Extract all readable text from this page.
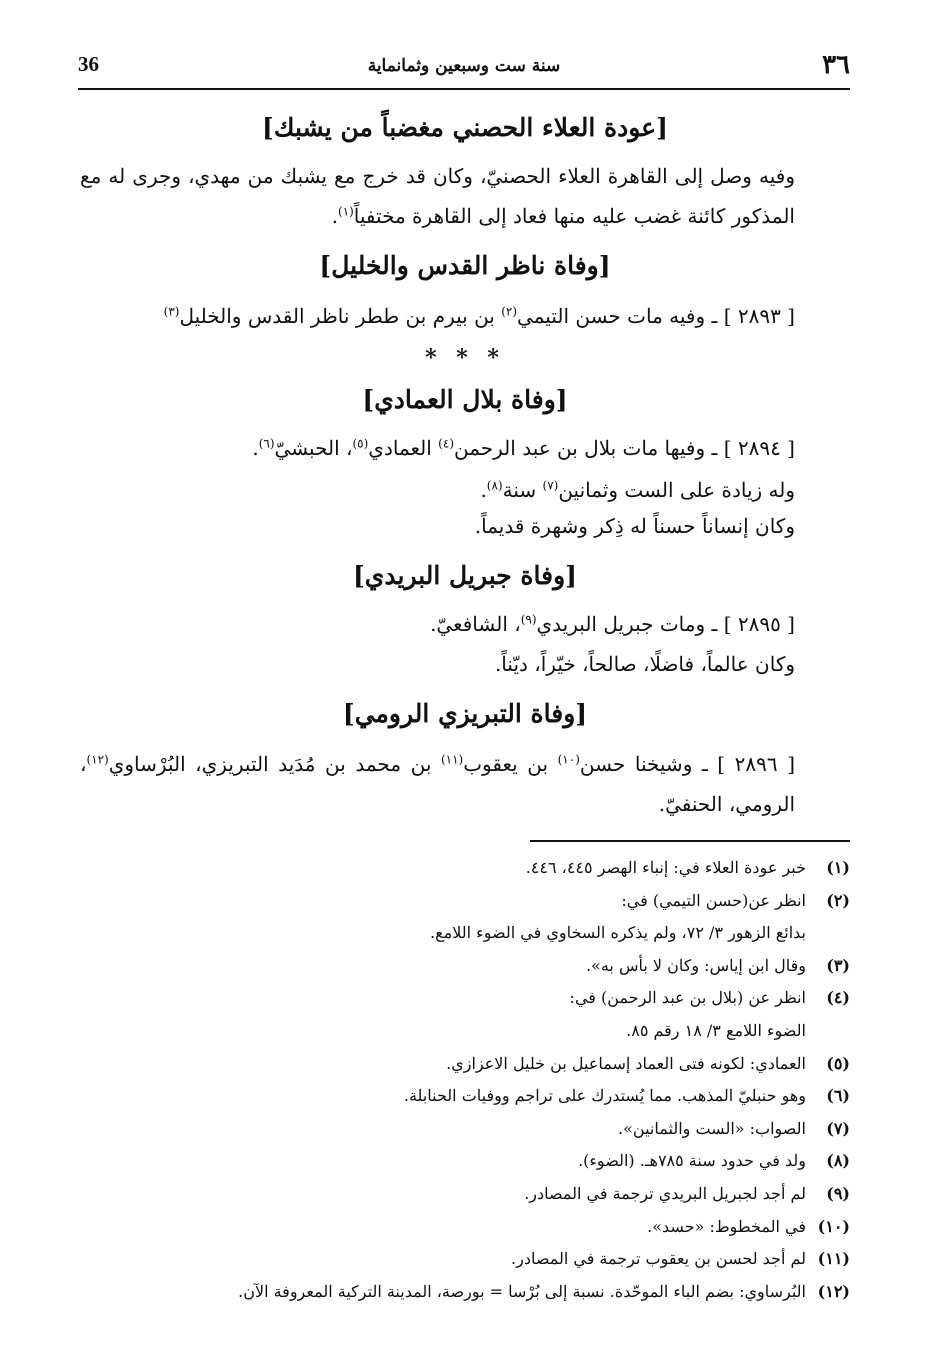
٣٦
سنة ست وسبعين وثمانماية
36
[عودة العلاء الحصني مغضباً من يشبك]
وفيه وصل إلى القاهرة العلاء الحصنيّ، وكان قد خرج مع يشبك من مهدي، وجرى له مع المذكور كائنة غضب عليه منها فعاد إلى القاهرة مختفياً$^{(١)}$.
[وفاة ناظر القدس والخليل]
[ ٢٨٩٣ ] ـ وفيه مات حسن التيمي$^{(٢)}$ بن بيرم بن ططر ناظر القدس والخليل$^{(٣)}$
* * *
[وفاة بلال العمادي]
[ ٢٨٩٤ ] ـ وفيها مات بلال بن عبد الرحمن$^{(٤)}$ العمادي$^{(٥)}$، الحبشيّ$^{(٦)}$.
وله زيادة على الست وثمانين$^{(٧)}$ سنة$^{(٨)}$.
وكان إنساناً حسناً له ذِكر وشهرة قديماً.
[وفاة جبريل البريدي]
[ ٢٨٩٥ ] ـ ومات جبريل البريدي$^{(٩)}$، الشافعيّ.
وكان عالماً، فاضلًا، صالحاً، خيّراً، ديّناً.
[وفاة التبريزي الرومي]
[ ٢٨٩٦ ] ـ وشيخنا حسن$^{(١٠)}$ بن يعقوب$^{(١١)}$ بن محمد بن مُدَيد التبريزي، البُرْساوي$^{(١٢)}$، الرومي، الحنفيّ.
(١)خبر عودة العلاء في: إنباء الهصر ٤٤٥، ٤٤٦.
(٢)انظر عن(حسن التيمي) في:
بدائع الزهور ٣/ ٧٢، ولم يذكره السخاوي في الضوء اللامع.
(٣)وقال ابن إياس: وكان لا بأس به».
(٤)انظر عن (بلال بن عبد الرحمن) في:
الضوء اللامع ٣/ ١٨ رقم ٨٥.
(٥)العمادي: لكونه فتى العماد إسماعيل بن خليل الاعزازي.
(٦)وهو حنبليّ المذهب. مما يُستدرك على تراجم ووفيات الحنابلة.
(٧)الصواب: «الست والثمانين».
(٨)ولد في حدود سنة ٧٨٥هـ. (الضوء).
(٩)لم أجد لجبريل البريدي ترجمة في المصادر.
(١٠)في المخطوط: «حسد».
(١١)لم أجد لحسن بن يعقوب ترجمة في المصادر.
(١٢)البُرساوي: بضم الباء الموحّدة. نسبة إلى بُرْسا = بورصة، المدينة التركية المعروفة الآن.
